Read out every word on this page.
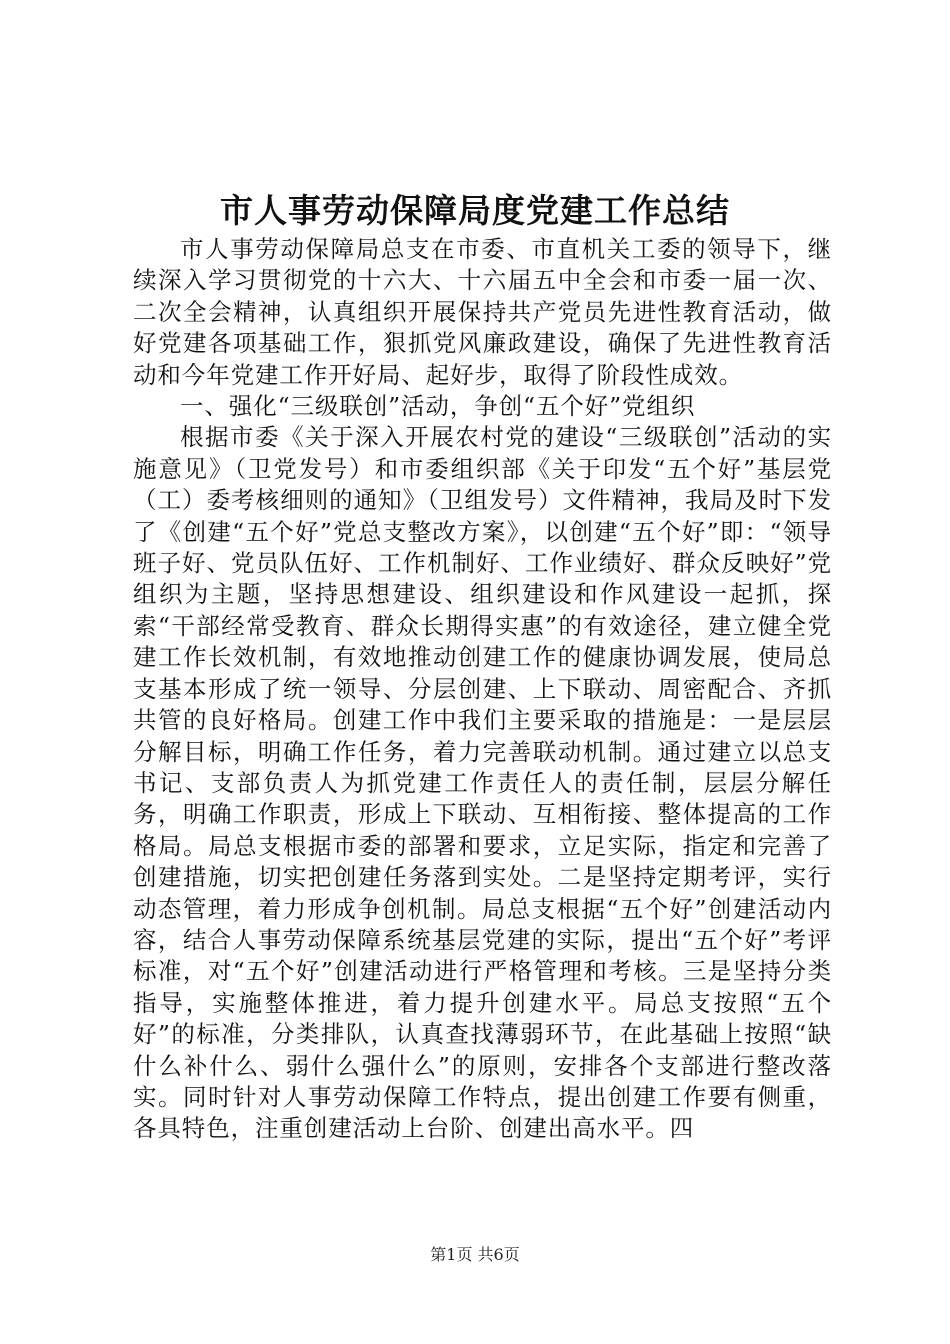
市人事劳动保障局度党建工作总结

市人事劳动保障局总支在市委、市直机关工委的领导下，继续深入学习贯彻党的十六大、十六届五中全会和市委一届一次、二次全会精神，认真组织开展保持共产党员先进性教育活动，做好党建各项基础工作，狠抓党风廉政建设，确保了先进性教育活动和今年党建工作开好局、起好步，取得了阶段性成效。

一、强化“三级联创”活动，争创“五个好”党组织

根据市委《关于深入开展农村党的建设“三级联创”活动的实施意见》（卫党发号）和市委组织部《关于印发“五个好”基层党（工）委考核细则的通知》（卫组发号）文件精神，我局及时下发了《创建“五个好”党总支整改方案》，以创建“五个好”即：“领导班子好、党员队伍好、工作机制好、工作业绩好、群众反映好”党组织为主题，坚持思想建设、组织建设和作风建设一起抓，探索“干部经常受教育、群众长期得实惠”的有效途径，建立健全党建工作长效机制，有效地推动创建工作的健康协调发展，使局总支基本形成了统一领导、分层创建、上下联动、周密配合、齐抓共管的良好格局。创建工作中我们主要采取的措施是：一是层层分解目标，明确工作任务，着力完善联动机制。通过建立以总支书记、支部负责人为抓党建工作责任人的责任制，层层分解任务，明确工作职责，形成上下联动、互相衔接、整体提高的工作格局。局总支根据市委的部署和要求，立足实际，指定和完善了创建措施，切实把创建任务落到实处。二是坚持定期考评，实行动态管理，着力形成争创机制。局总支根据“五个好”创建活动内容，结合人事劳动保障系统基层党建的实际，提出“五个好”考评标准，对“五个好”创建活动进行严格管理和考核。三是坚持分类指导，实施整体推进，着力提升创建水平。局总支按照“五个好”的标准，分类排队，认真查找薄弱环节，在此基础上按照“缺什么补什么、弱什么强什么”的原则，安排各个支部进行整改落实。同时针对人事劳动保障工作特点，提出创建工作要有侧重，各具特色，注重创建活动上台阶、创建出高水平。四

第1页 共6页
